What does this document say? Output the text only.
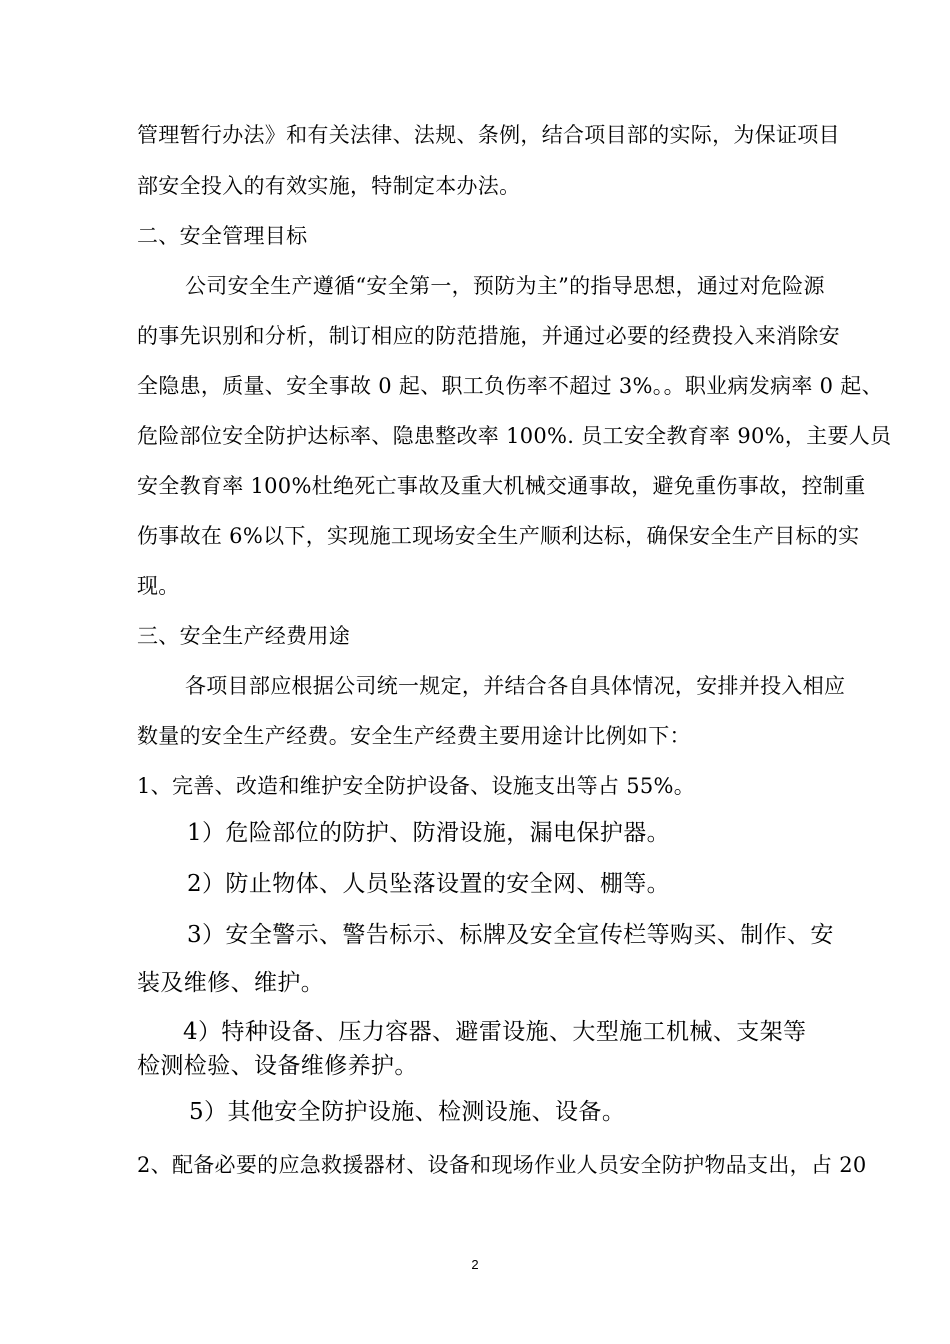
管理暂行办法》和有关法律、法规、条例，结合项目部的实际，为保证项目
部安全投入的有效实施，特制定本办法。
二、安全管理目标
公司安全生产遵循“安全第一，预防为主”的指导思想，通过对危险源
的事先识别和分析，制订相应的防范措施，并通过必要的经费投入来消除安
全隐患，质量、安全事故 0 起、职工负伤率不超过 3%。。职业病发病率 0 起、
危险部位安全防护达标率、隐患整改率 100%. 员工安全教育率 90%，主要人员
安全教育率 100%杜绝死亡事故及重大机械交通事故，避免重伤事故，控制重
伤事故在 6%以下，实现施工现场安全生产顺利达标，确保安全生产目标的实
现。
三、安全生产经费用途
各项目部应根据公司统一规定，并结合各自具体情况，安排并投入相应
数量的安全生产经费。安全生产经费主要用途计比例如下：
1、完善、改造和维护安全防护设备、设施支出等占 55%。
1）危险部位的防护、防滑设施，漏电保护器。
2）防止物体、人员坠落设置的安全网、棚等。
3）安全警示、警告标示、标牌及安全宣传栏等购买、制作、安
装及维修、维护。
4）特种设备、压力容器、避雷设施、大型施工机械、支架等
检测检验、设备维修养护。
5）其他安全防护设施、检测设施、设备。
2、配备必要的应急救援器材、设备和现场作业人员安全防护物品支出，占 20
2
